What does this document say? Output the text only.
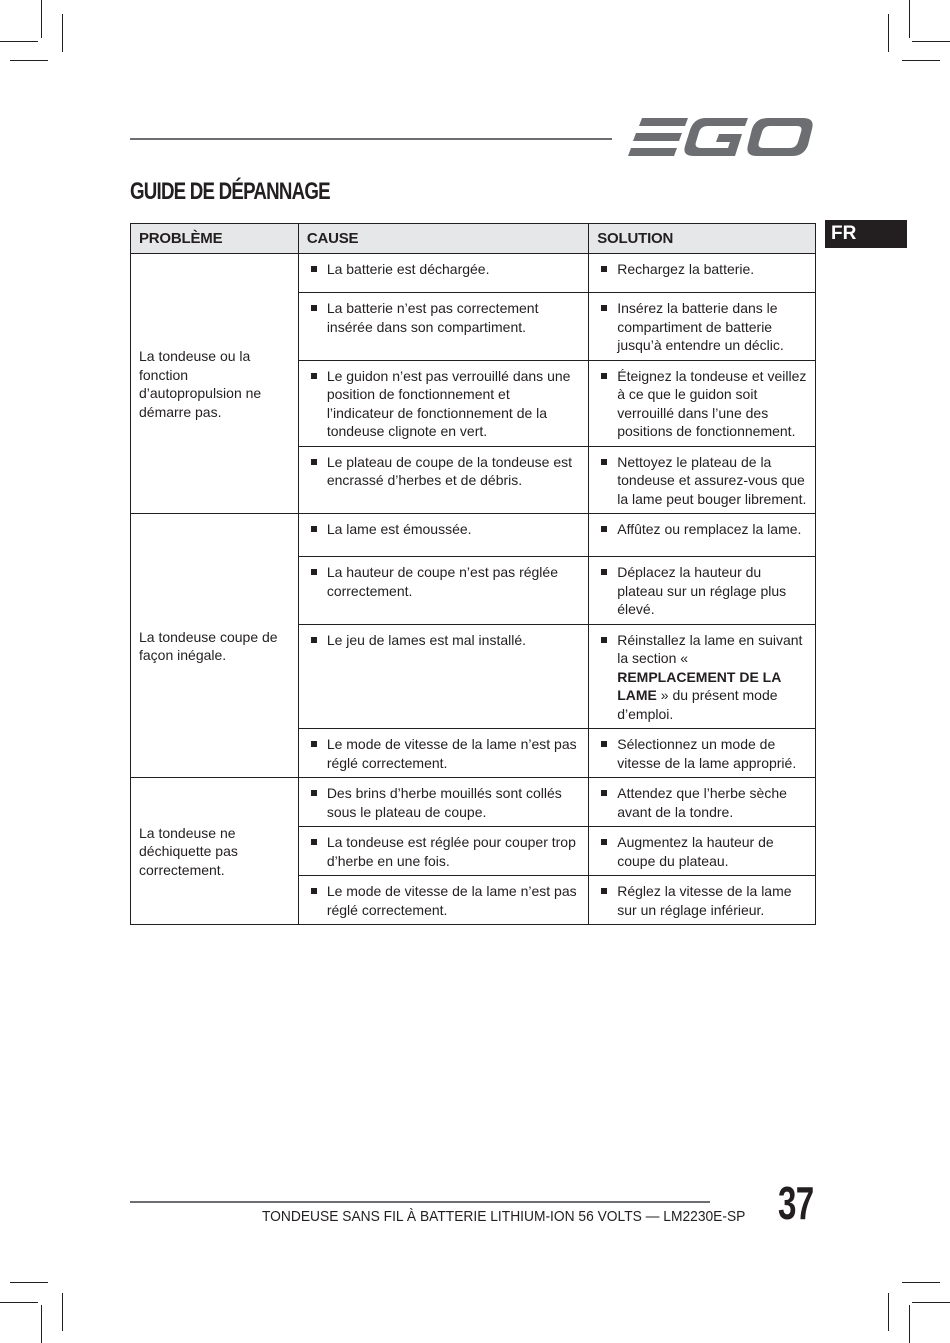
GUIDE DE DÉPANNAGE
FR
PROBLÈME	CAUSE	SOLUTION
La tondeuse ou la fonction d’autopropulsion ne démarre pas.	La batterie est déchargée.	Rechargez la batterie.

	La batterie n’est pas correctement insérée dans son compartiment.	Insérez la batterie dans le compartiment de batterie jusqu’à entendre un déclic.

	Le guidon n’est pas verrouillé dans une position de fonctionnement et l’indicateur de fonctionnement de la tondeuse clignote en vert.	Éteignez la tondeuse et veillez à ce que le guidon soit verrouillé dans l’une des positions de fonctionnement.

	Le plateau de coupe de la tondeuse est encrassé d’herbes et de débris.	Nettoyez le plateau de la tondeuse et assurez-vous que la lame peut bouger librement.

La tondeuse coupe de façon inégale.	La lame est émoussée.	Affûtez ou remplacez la lame.

	La hauteur de coupe n’est pas réglée correctement.	Déplacez la hauteur du plateau sur un réglage plus élevé.

	Le jeu de lames est mal installé.	Réinstallez la lame en suivant la section « REMPLACEMENT DE LA LAME » du présent mode d’emploi.

	Le mode de vitesse de la lame n’est pas réglé correctement.	Sélectionnez un mode de vitesse de la lame approprié.

La tondeuse ne déchiquette pas correctement.	Des brins d’herbe mouillés sont collés sous le plateau de coupe.	Attendez que l’herbe sèche avant de la tondre.

	La tondeuse est réglée pour couper trop d’herbe en une fois.	Augmentez la hauteur de coupe du plateau.

	Le mode de vitesse de la lame n’est pas réglé correctement.	Réglez la vitesse de la lame sur un réglage inférieur.
TONDEUSE SANS FIL À BATTERIE LITHIUM-ION 56 VOLTS — LM2230E-SP 37
